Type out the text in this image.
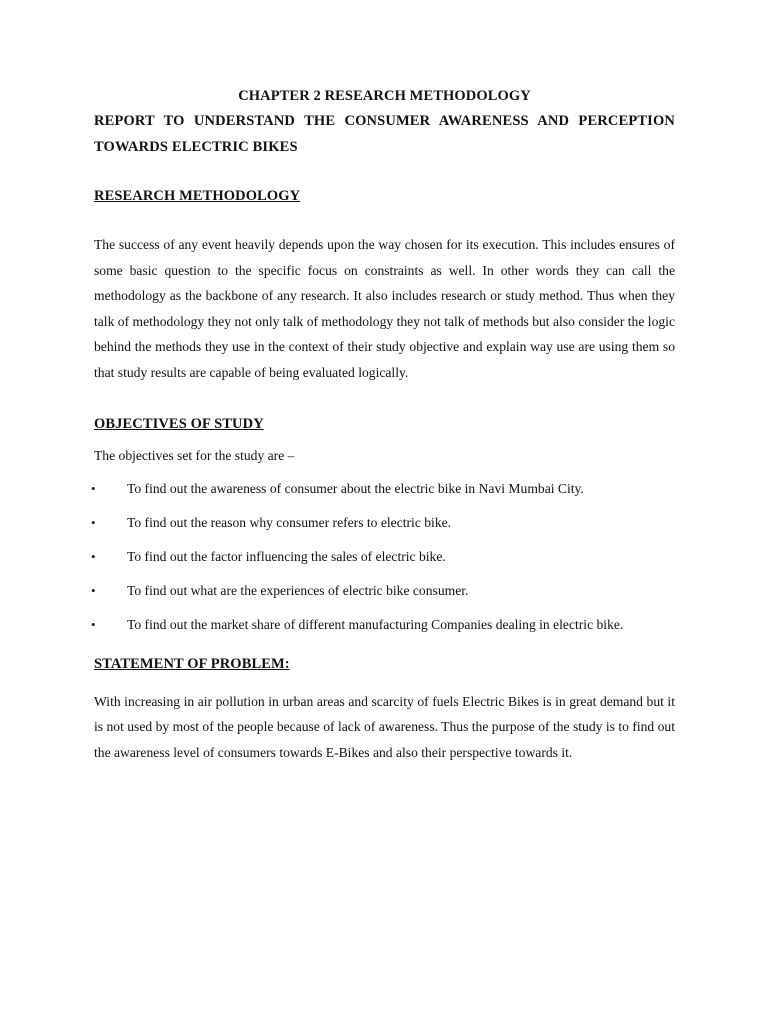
CHAPTER 2 RESEARCH METHODOLOGY
REPORT TO UNDERSTAND THE CONSUMER AWARENESS AND PERCEPTION TOWARDS ELECTRIC BIKES
RESEARCH METHODOLOGY

The success of any event heavily depends upon the way chosen for its execution. This includes ensures of some basic question to the specific focus on constraints as well. In other words they can call the methodology as the backbone of any research. It also includes research or study method. Thus when they talk of methodology they not only talk of methodology they not talk of methods but also consider the logic behind the methods they use in the context of their study objective and explain way use are using them so that study results are capable of being evaluated logically.

OBJECTIVES OF STUDY

The objectives set for the study are –

• To find out the awareness of consumer about the electric bike in Navi Mumbai City.
• To find out the reason why consumer refers to electric bike.
• To find out the factor influencing the sales of electric bike.
• To find out what are the experiences of electric bike consumer.
• To find out the market share of different manufacturing Companies dealing in electric bike.
STATEMENT OF PROBLEM:

With increasing in air pollution in urban areas and scarcity of fuels Electric Bikes is in great demand but it is not used by most of the people because of lack of awareness. Thus the purpose of the study is to find out the awareness level of consumers towards E-Bikes and also their perspective towards it.
